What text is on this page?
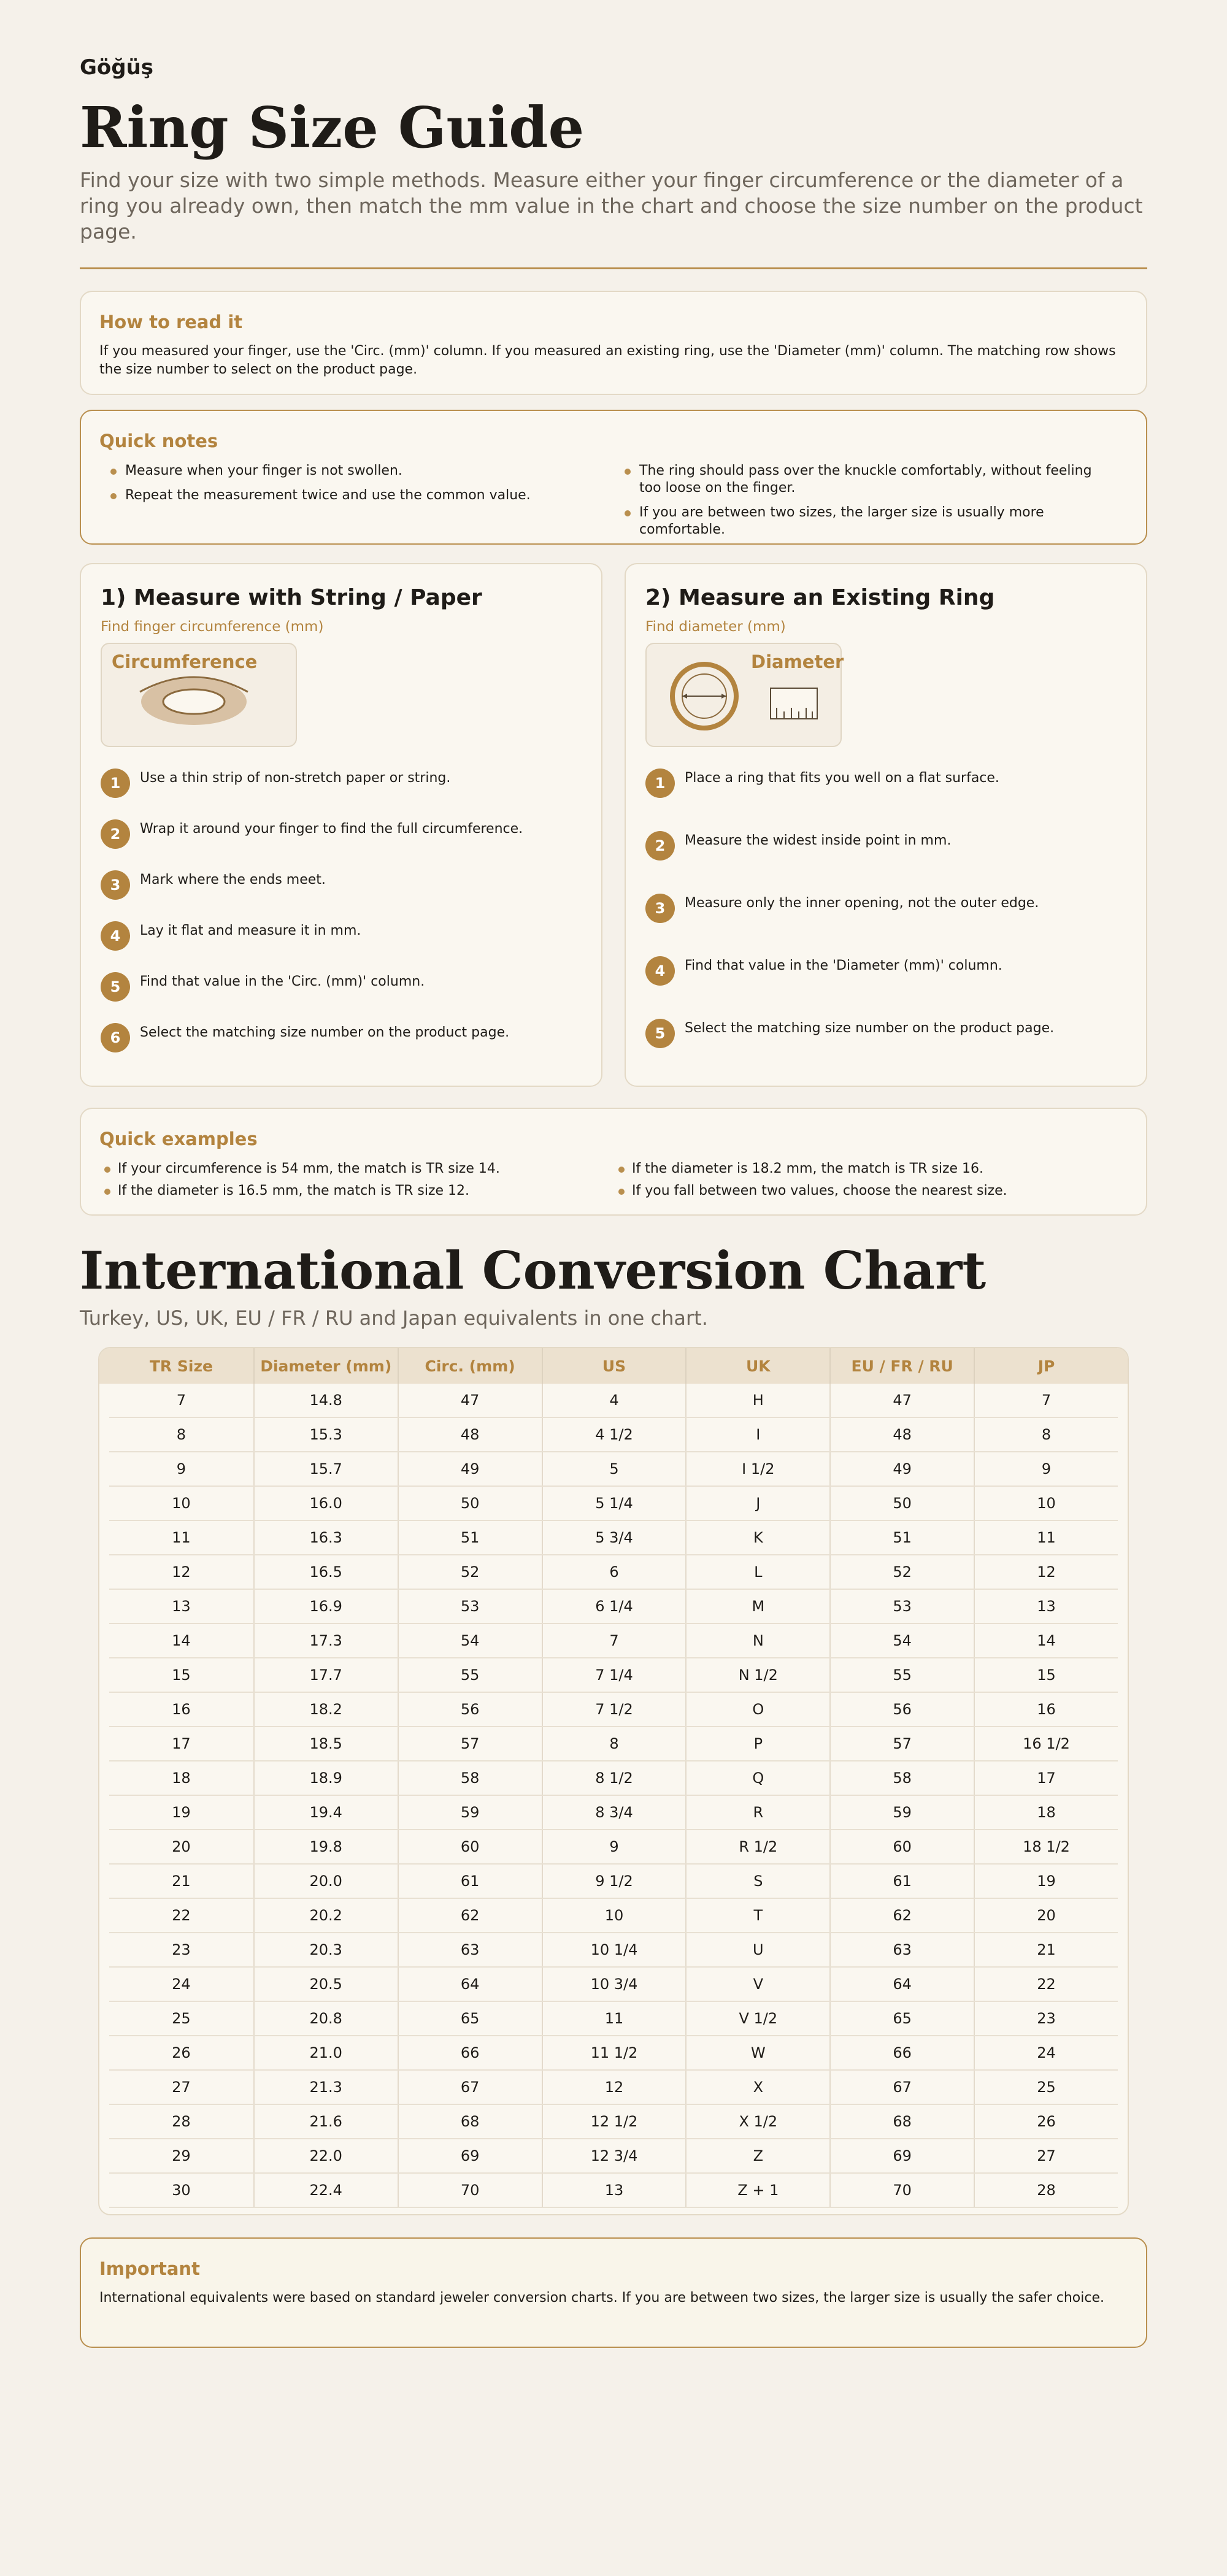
Göğüş
Ring Size Guide

Find your size with two simple methods. Measure either your finger circumference or the diameter of a ring you already own, then match the mm value in the chart and choose the size number on the product page.

How to read it

If you measured your finger, use the 'Circ. (mm)' column. If you measured an existing ring, use the 'Diameter (mm)' column. The matching row shows the size number to select on the product page.

Quick notes
Measure when your finger is not swollen.
Repeat the measurement twice and use the common value.
The ring should pass over the knuckle comfortably, without feeling too loose on the finger.
If you are between two sizes, the larger size is usually more comfortable.
1) Measure with String / Paper
Find finger circumference (mm)
Circumference
1	Use a thin strip of non-stretch paper or string.
2	Wrap it around your finger to find the full circumference.
3	Mark where the ends meet.
4	Lay it flat and measure it in mm.
5	Find that value in the 'Circ. (mm)' column.
6	Select the matching size number on the product page.
2) Measure an Existing Ring
Find diameter (mm)
Diameter
1	Place a ring that fits you well on a flat surface.
2	Measure the widest inside point in mm.
3	Measure only the inner opening, not the outer edge.
4	Find that value in the 'Diameter (mm)' column.
5	Select the matching size number on the product page.
Quick examples
If your circumference is 54 mm, the match is TR size 14.
If the diameter is 16.5 mm, the match is TR size 12.
If the diameter is 18.2 mm, the match is TR size 16.
If you fall between two values, choose the nearest size.
International Conversion Chart

Turkey, US, UK, EU / FR / RU and Japan equivalents in one chart.

TR Size	Diameter (mm)	Circ. (mm)	US	UK	EU / FR / RU	JP
7	14.8	47	4	H	47	7
8	15.3	48	4 1/2	I	48	8
9	15.7	49	5	I 1/2	49	9
10	16.0	50	5 1/4	J	50	10
11	16.3	51	5 3/4	K	51	11
12	16.5	52	6	L	52	12
13	16.9	53	6 1/4	M	53	13
14	17.3	54	7	N	54	14
15	17.7	55	7 1/4	N 1/2	55	15
16	18.2	56	7 1/2	O	56	16
17	18.5	57	8	P	57	16 1/2
18	18.9	58	8 1/2	Q	58	17
19	19.4	59	8 3/4	R	59	18
20	19.8	60	9	R 1/2	60	18 1/2
21	20.0	61	9 1/2	S	61	19
22	20.2	62	10	T	62	20
23	20.3	63	10 1/4	U	63	21
24	20.5	64	10 3/4	V	64	22
25	20.8	65	11	V 1/2	65	23
26	21.0	66	11 1/2	W	66	24
27	21.3	67	12	X	67	25
28	21.6	68	12 1/2	X 1/2	68	26
29	22.0	69	12 3/4	Z	69	27
30	22.4	70	13	Z + 1	70	28
Important

International equivalents were based on standard jeweler conversion charts. If you are between two sizes, the larger size is usually the safer choice.
